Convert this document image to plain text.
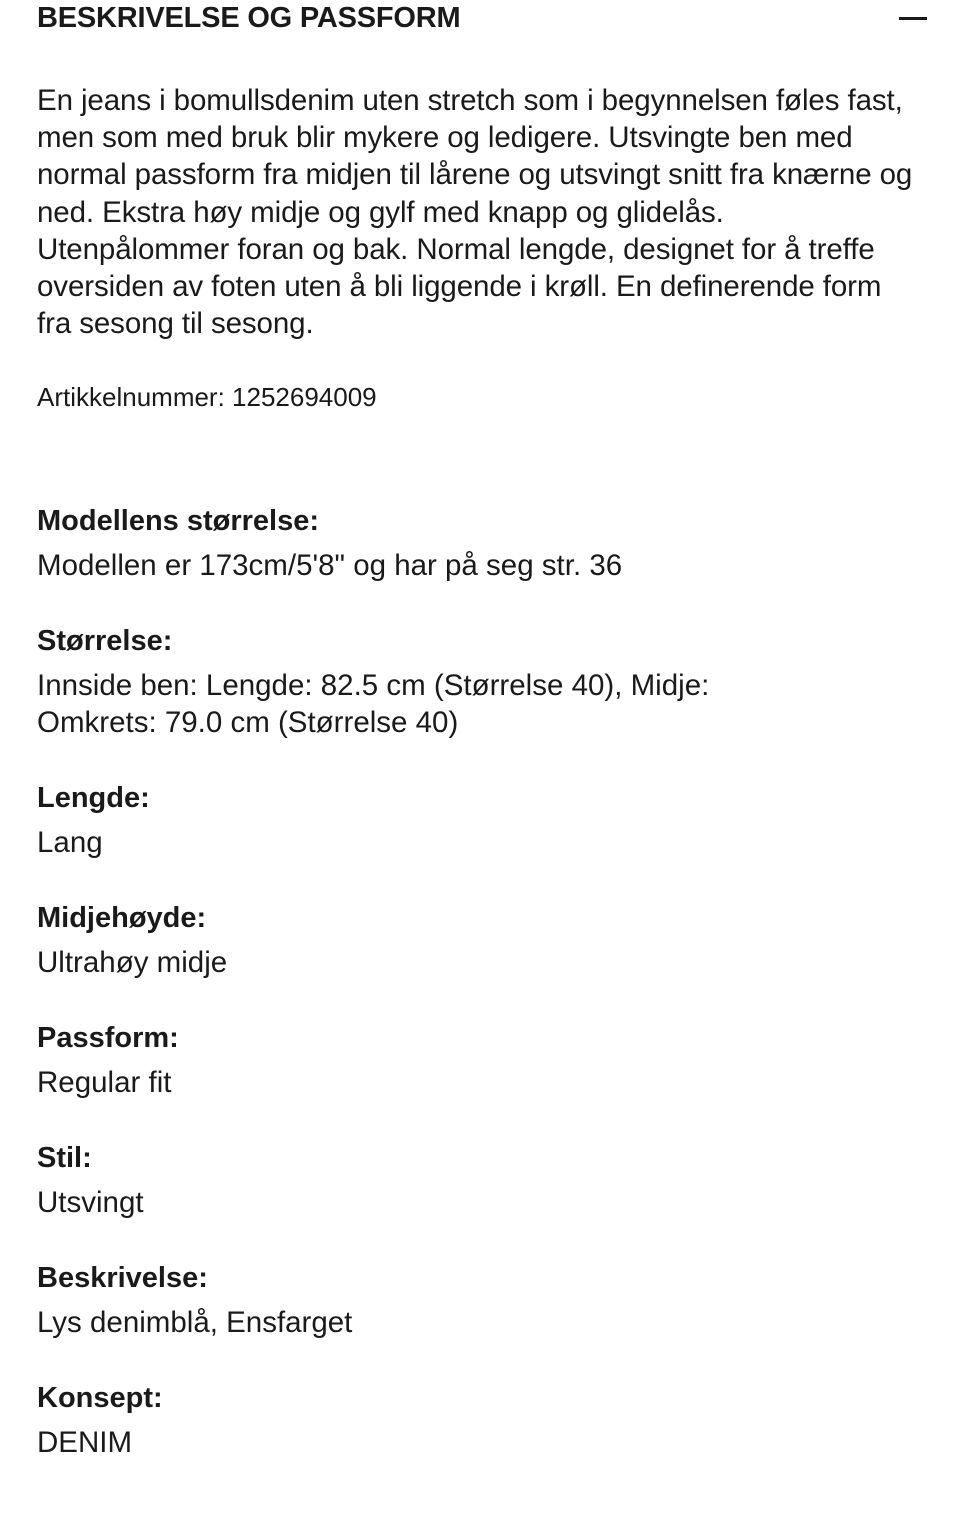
BESKRIVELSE OG PASSFORM
En jeans i bomullsdenim uten stretch som i begynnelsen føles fast, men som med bruk blir mykere og ledigere. Utsvingte ben med normal passform fra midjen til lårene og utsvingt snitt fra knærne og ned. Ekstra høy midje og gylf med knapp og glidelås. Utenpålommer foran og bak. Normal lengde, designet for å treffe oversiden av foten uten å bli liggende i krøll. En definerende form fra sesong til sesong.
Artikkelnummer: 1252694009
Modellens størrelse:
Modellen er 173cm/5'8" og har på seg str. 36
Størrelse:
Innside ben: Lengde: 82.5 cm (Størrelse 40), Midje: Omkrets: 79.0 cm (Størrelse 40)
Lengde:
Lang
Midjehøyde:
Ultrahøy midje
Passform:
Regular fit
Stil:
Utsvingt
Beskrivelse:
Lys denimblå, Ensfarget
Konsept:
DENIM
